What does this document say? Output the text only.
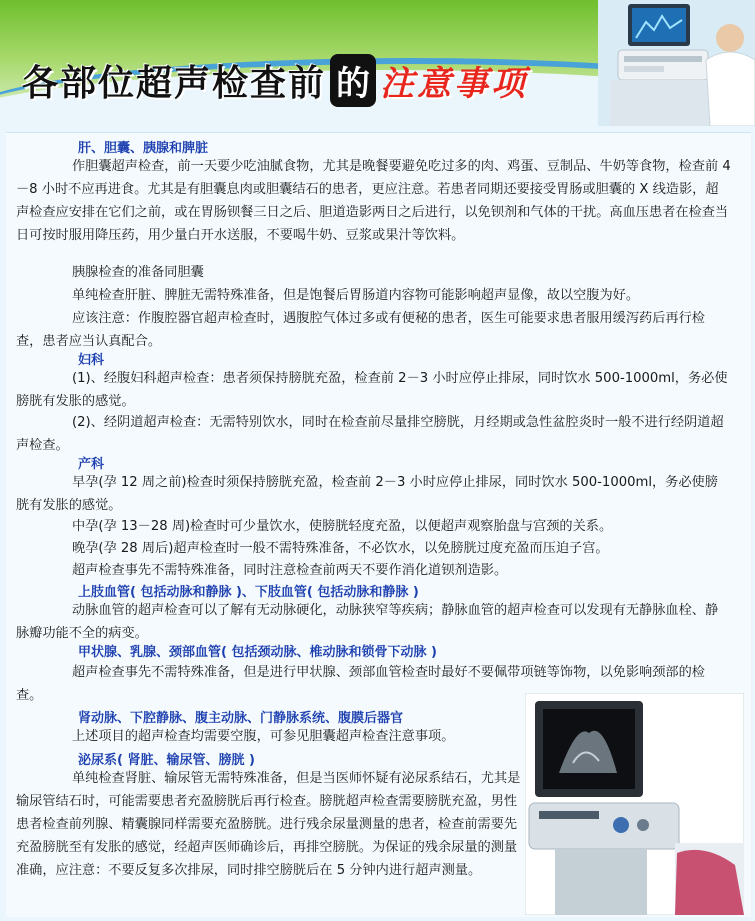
各部位超声检查前 的 注意事项
肝、胆囊、胰腺和脾脏

作胆囊超声检查，前一天要少吃油腻食物，尤其是晚餐要避免吃过多的肉、鸡蛋、豆制品、牛奶等食物，检查前 4－8 小时不应再进食。尤其是有胆囊息肉或胆囊结石的患者，更应注意。若患者同期还要接受胃肠或胆囊的 X 线造影，超声检查应安排在它们之前，或在胃肠钡餐三日之后、胆道造影两日之后进行，以免钡剂和气体的干扰。高血压患者在检查当日可按时服用降压药，用少量白开水送服，不要喝牛奶、豆浆或果汁等饮料。

胰腺检查的准备同胆囊

单纯检查肝脏、脾脏无需特殊准备，但是饱餐后胃肠道内容物可能影响超声显像，故以空腹为好。

应该注意：作腹腔器官超声检查时，遇腹腔气体过多或有便秘的患者，医生可能要求患者服用缓泻药后再行检查，患者应当认真配合。

妇科

(1)、经腹妇科超声检查：患者须保持膀胱充盈，检查前 2－3 小时应停止排尿，同时饮水 500-1000ml，务必使膀胱有发胀的感觉。

(2)、经阴道超声检查：无需特别饮水，同时在检查前尽量排空膀胱，月经期或急性盆腔炎时一般不进行经阴道超声检查。

产科

早孕(孕 12 周之前)检查时须保持膀胱充盈，检查前 2－3 小时应停止排尿，同时饮水 500-1000ml，务必使膀胱有发胀的感觉。

中孕(孕 13－28 周)检查时可少量饮水，使膀胱轻度充盈，以便超声观察胎盘与宫颈的关系。

晚孕(孕 28 周后)超声检查时一般不需特殊准备，不必饮水，以免膀胱过度充盈而压迫子宫。

超声检查事先不需特殊准备，同时注意检查前两天不要作消化道钡剂造影。

上肢血管( 包括动脉和静脉 )、下肢血管( 包括动脉和静脉 )

动脉血管的超声检查可以了解有无动脉硬化，动脉狭窄等疾病；静脉血管的超声检查可以发现有无静脉血栓、静脉瓣功能不全的病变。

甲状腺、乳腺、颈部血管( 包括颈动脉、椎动脉和锁骨下动脉 )

超声检查事先不需特殊准备，但是进行甲状腺、颈部血管检查时最好不要佩带项链等饰物，以免影响颈部的检查。

肾动脉、下腔静脉、腹主动脉、门静脉系统、腹膜后器官

上述项目的超声检查均需要空腹，可参见胆囊超声检查注意事项。

泌尿系( 肾脏、输尿管、膀胱 )

单纯检查肾脏、输尿管无需特殊准备，但是当医师怀疑有泌尿系结石，尤其是输尿管结石时，可能需要患者充盈膀胱后再行检查。膀胱超声检查需要膀胱充盈，男性患者检查前列腺、精囊腺同样需要充盈膀胱。进行残余尿量测量的患者，检查前需要先充盈膀胱至有发胀的感觉，经超声医师确诊后，再排空膀胱。为保证的残余尿量的测量准确，应注意：不要反复多次排尿，同时排空膀胱后在 5 分钟内进行超声测量。
